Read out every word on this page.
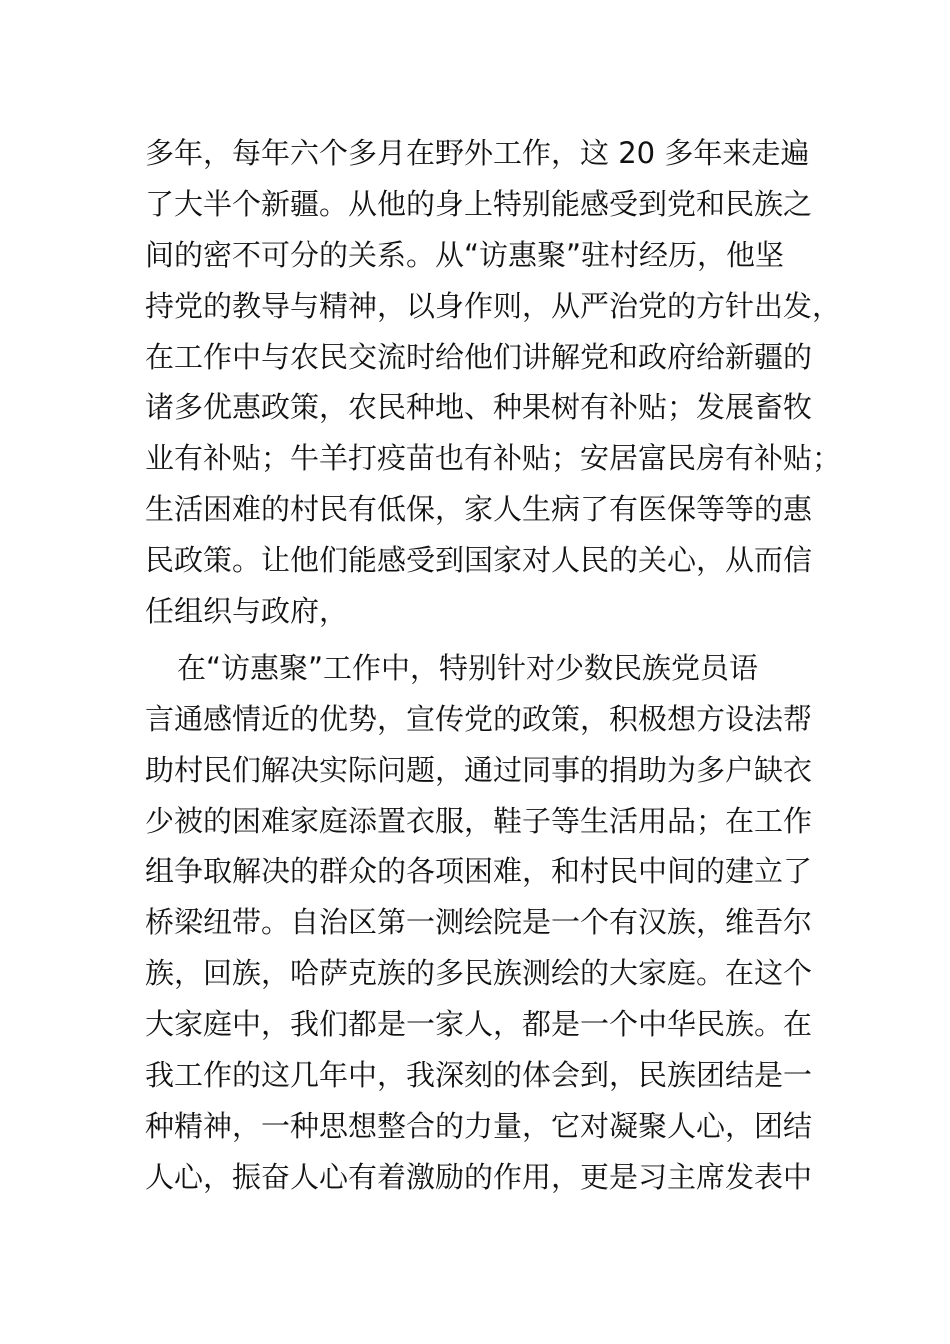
多年，每年六个多月在野外工作，这 20 多年来走遍
了大半个新疆。从他的身上特别能感受到党和民族之
间的密不可分的关系。从“访惠聚”驻村经历，他坚
持党的教导与精神，以身作则，从严治党的方针出发，
在工作中与农民交流时给他们讲解党和政府给新疆的
诸多优惠政策，农民种地、种果树有补贴；发展畜牧
业有补贴；牛羊打疫苗也有补贴；安居富民房有补贴；
生活困难的村民有低保，家人生病了有医保等等的惠
民政策。让他们能感受到国家对人民的关心，从而信
任组织与政府，
在“访惠聚”工作中，特别针对少数民族党员语
言通感情近的优势，宣传党的政策，积极想方设法帮
助村民们解决实际问题，通过同事的捐助为多户缺衣
少被的困难家庭添置衣服，鞋子等生活用品；在工作
组争取解决的群众的各项困难，和村民中间的建立了
桥梁纽带。自治区第一测绘院是一个有汉族，维吾尔
族，回族，哈萨克族的多民族测绘的大家庭。在这个
大家庭中，我们都是一家人，都是一个中华民族。在
我工作的这几年中，我深刻的体会到，民族团结是一
种精神，一种思想整合的力量，它对凝聚人心，团结
人心，振奋人心有着激励的作用，更是习主席发表中
